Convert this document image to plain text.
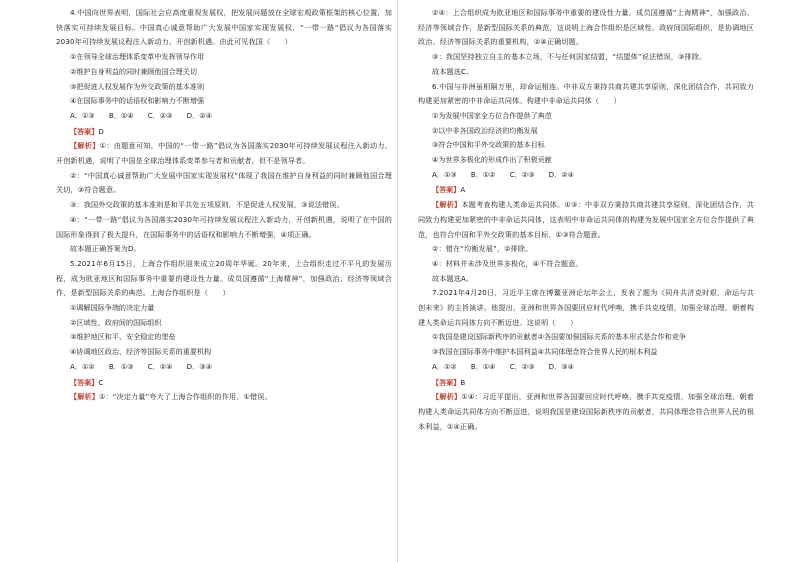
4.中国向世界表明，国际社会应高度重视发展权，把发展问题放在全球宏观政策框架的核心位置，加快落实可持续发展目标。中国真心诚意帮助广大发展中国家实现发展权，“一带一路”倡议为各国落实2030年可持续发展议程注入新动力、开创新机遇。由此可见我国（　　）

①在领导全球治理体系变革中发挥领导作用

②维护自身利益的同时兼顾他国合理关切

③把促进人权发展作为外交政策的基本准则

④在国际事务中的话语权和影响力不断增强

A．①③　　B．①④　　C．②③　　D．②④

【答案】D

【解析】①：由题意可知，中国的“一带一路”倡议为各国落实2030年可持续发展议程注入新动力、开创新机遇，说明了中国是全球治理体系变革参与者和贡献者，但不是领导者。

②：“中国真心诚意帮助广大发展中国家实现发展权”体现了我国在维护自身利益的同时兼顾他国合理关切，②符合题意。

③：我国外交政策的基本准则是和平共处五项原则，不是促进人权发展，③说法错误。

④：“一带一路”倡议为各国落实2030年可持续发展议程注入新动力，开创新机遇，说明了在中国的国际形象得到了极大提升，在国际事务中的话语权和影响力不断增强，④项正确。

故本题正确答案为D。

5.2021年6月15日，上海合作组织迎来成立20周年华诞。20年来，上合组织走过不平凡的发展历程，成为欧亚地区和国际事务中重要的建设性力量。成员国遵循“上海精神”，加强政治、经济等领域合作，是新型国际关系的典范。上海合作组织是（　　）

①调解国际争端的决定力量

②区域性、政府间的国际组织

③维护地区和平、安全稳定的堡垒

④协调地区政治、经济等国际关系的重要机构

A．①②　　B．①③　　C．②④　　D．③④

【答案】C

【解析】①：“决定力量”夸大了上海合作组织的作用，①错误。

②④：上合组织成为欧亚地区和国际事务中重要的建设性力量，成员国遵循“上海精神”，加强政治、经济等领域合作，是新型国际关系的典范，这说明上海合作组织是区域性、政府间国际组织，是协调地区政治、经济等国际关系的重要机构，②④正确切题。

③：我国坚持独立自主的基本立场，不与任何国家结盟，“结盟体”说法错误，③排除。

故本题选C。

6.中国与非洲虽相隔万里，却命运相连。中非双方秉持共商共建共享原则，深化团结合作，共同致力构建更加紧密的中非命运共同体。构建中非命运共同体（　　）

①为发展中国家全方位合作提供了典范

②以中非各国政治经济的均衡发展

③符合中国和平外交政策的基本目标

④为世界多极化的形成作出了积极贡献

A．①③　　B．①②　　C．②③　　D．②④

【答案】A

【解析】本题考查构建人类命运共同体。①③：中非双方秉持共商共建共享原则，深化团结合作，共同致力构建更加紧密的中非命运共同体，这表明中非命运共同体的构建为发展中国家全方位合作提供了典范，也符合中国和平外交政策的基本目标，①③符合题意。

②：错在“均衡发展”，②排除。

④：材料并未涉及世界多极化，④不符合题意。

故本题选A。

7.2021年4月20日，习近平主席在博鳌亚洲论坛年会上，发表了题为《同舟共济克时艰，命运与共创未来》的主旨演讲。他提出，亚洲和世界各国要回应时代呼唤，携手共克疫情，加强全球治理，朝着构建人类命运共同体方向不断迈进。这说明（　　）

①我国是建设国际新秩序的贡献者②各国要加强国际关系的基本形式是合作和竞争

③我国在国际事务中维护本国利益④共同体理念符合世界人民的根本利益

A．①②　　B．①④　　C．②③　　D．③④

【答案】B

【解析】①④：习近平提出，亚洲和世界各国要回应时代呼唤，携手共克疫情，加强全球治理，朝着构建人类命运共同体方向不断迈进，说明我国是建设国际新秩序的贡献者，共同体理念符合世界人民的根本利益，①④正确。
